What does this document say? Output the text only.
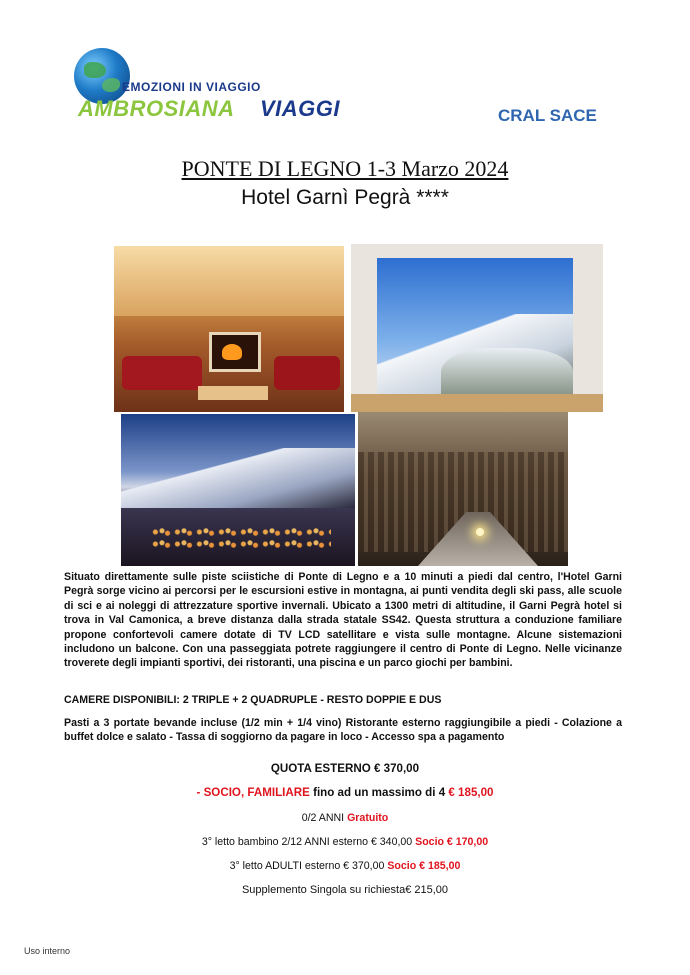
EMOZIONI IN VIAGGIO
AMBROSIANA VIAGGI	CRAL SACE
PONTE DI LEGNO 1-3 Marzo 2024
Hotel Garnì Pegrà ****
Situato direttamente sulle piste sciistiche di Ponte di Legno e a 10 minuti a piedi dal centro, l'Hotel Garni Pegrà sorge vicino ai percorsi per le escursioni estive in montagna, ai punti vendita degli ski pass, alle scuole di sci e ai noleggi di attrezzature sportive invernali. Ubicato a 1300 metri di altitudine, il Garni Pegrà hotel si trova in Val Camonica, a breve distanza dalla strada statale SS42. Questa struttura a conduzione familiare propone confortevoli camere dotate di TV LCD satellitare e vista sulle montagne. Alcune sistemazioni includono un balcone. Con una passeggiata potrete raggiungere il centro di Ponte di Legno. Nelle vicinanze troverete degli impianti sportivi, dei ristoranti, una piscina e un parco giochi per bambini.
CAMERE DISPONIBILI: 2 TRIPLE + 2 QUADRUPLE - RESTO DOPPIE E DUS
Pasti a 3 portate bevande incluse (1/2 min + 1/4 vino) Ristorante esterno raggiungibile a piedi - Colazione a buffet dolce e salato - Tassa di soggiorno da pagare in loco - Accesso spa a pagamento
QUOTA ESTERNO € 370,00
- SOCIO, FAMILIARE fino ad un massimo di 4 € 185,00
0/2 ANNI Gratuito
3° letto bambino 2/12 ANNI esterno € 340,00 Socio € 170,00
3° letto ADULTI esterno € 370,00 Socio € 185,00
Supplemento Singola su richiesta€ 215,00
Uso interno
